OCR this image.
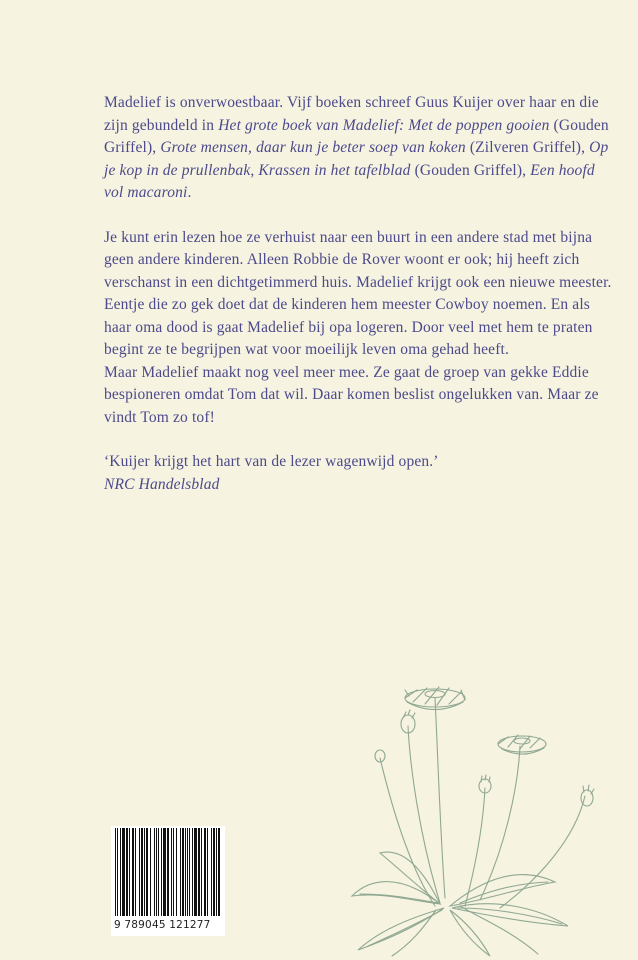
Madelief is onverwoestbaar. Vijf boeken schreef Guus Kuijer over haar en die zijn gebundeld in Het grote boek van Madelief: Met de poppen gooien (Gouden Griffel), Grote mensen, daar kun je beter soep van koken (Zilveren Griffel), Op je kop in de prullenbak, Krassen in het tafelblad (Gouden Griffel), Een hoofd vol macaroni.

Je kunt erin lezen hoe ze verhuist naar een buurt in een andere stad met bijna geen andere kinderen. Alleen Robbie de Rover woont er ook; hij heeft zich verschanst in een dichtgetimmerd huis. Madelief krijgt ook een nieuwe meester. Eentje die zo gek doet dat de kinderen hem meester Cowboy noemen. En als haar oma dood is gaat Madelief bij opa logeren. Door veel met hem te praten begint ze te begrijpen wat voor moeilijk leven oma gehad heeft.

Maar Madelief maakt nog veel meer mee. Ze gaat de groep van gekke Eddie bespioneren omdat Tom dat wil. Daar komen beslist ongelukken van. Maar ze vindt Tom zo tof!

‘Kuijer krijgt het hart van de lezer wagenwijd open.’

NRC Handelsblad

9 789045 121277
